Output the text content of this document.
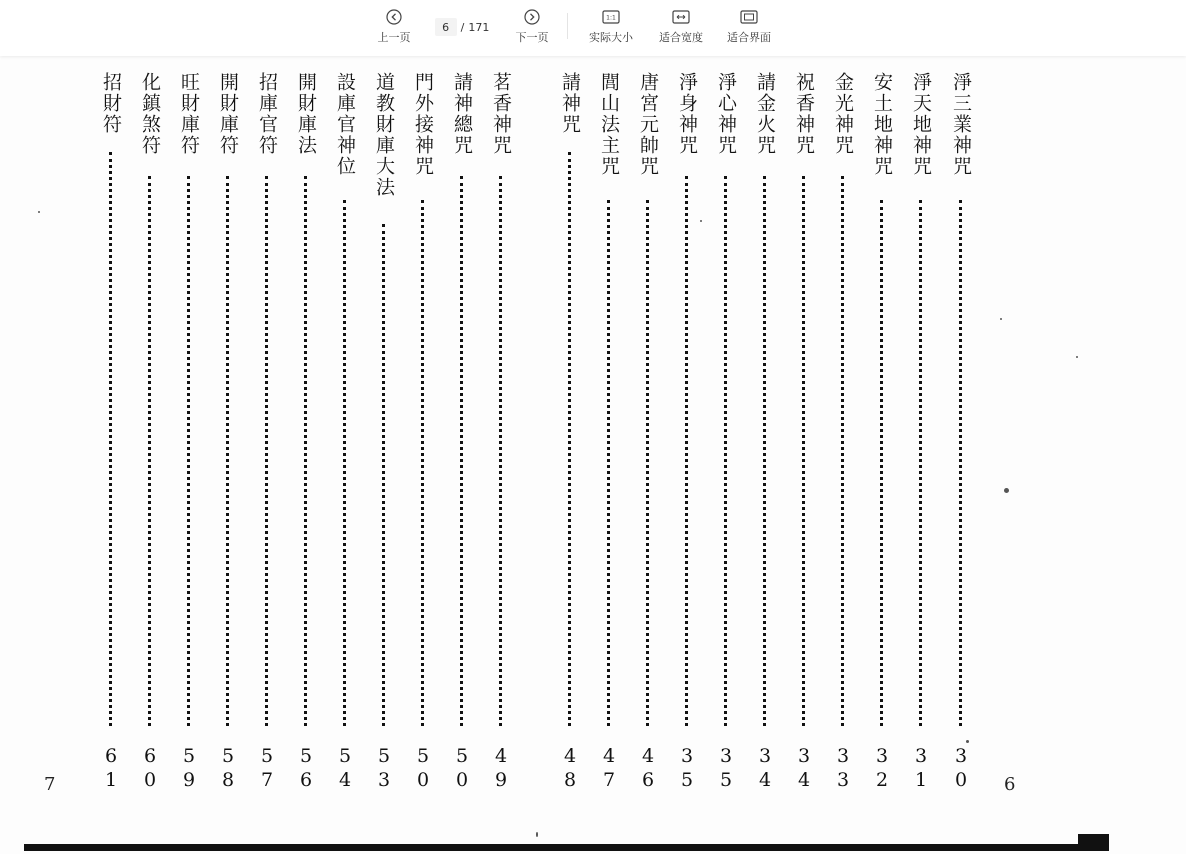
上一页
6
/ 171
下一页
1:1
实际大小 适合宽度 适合界面
淨三業神咒
30
淨天地神咒
31
安土地神咒
32
金光神咒
33
祝香神咒
34
請金火咒
34
淨心神咒
35
淨身神咒
35
唐宮元帥咒
46
閭山法主咒
47
請神咒
48
茗香神咒
49
請神總咒
50
門外接神咒
50
道教財庫大法
53
設庫官神位
54
開財庫法
56
招庫官符
57
開財庫符
58
旺財庫符
59
化鎮煞符
60
招財符
61
7	6
